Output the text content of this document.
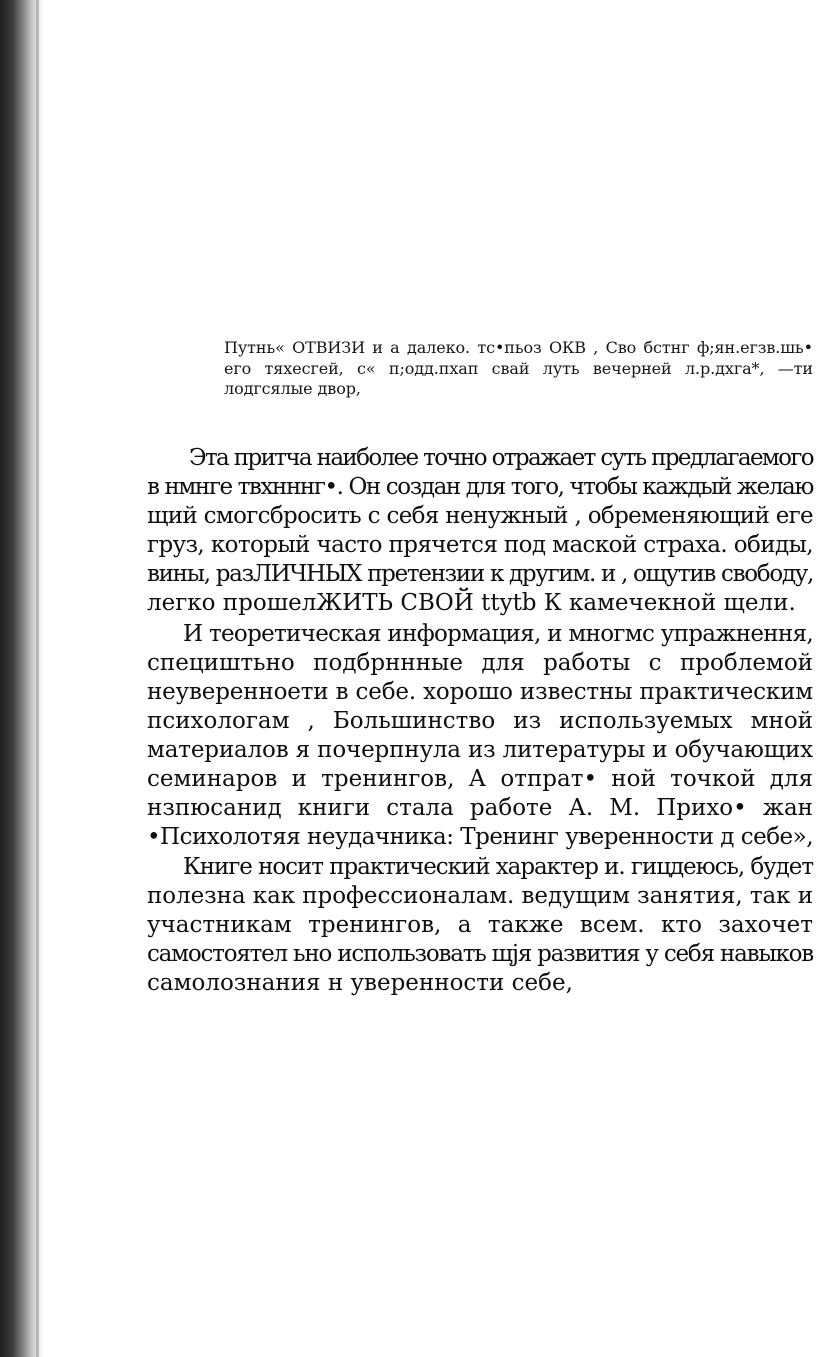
Путнь« ОТВИЗИ и а далеко. тс•пьоз ОКВ , Сво бстнг ф;ян.егзв.шь• его тяхесгей, с« п;одд.пхап свай луть вечерней л.р.дхга*, —ти лодгсялые двор,
Эта притча наиболее точно отражает суть предлагаемого
в нмнге твхнннг•. Он создан для того, чтобы каждый желаю
щий смогсбросить с себя ненужный , обременяющий еге
груз, который часто прячется под маской страха. обиды,
вины, разЛИЧНЫХ претензии к другим. и , ощутив свободу,
легко прошелЖИТЬ СВОЙ ttytb К камечекной щели.
И теоретическая информация, и многмс упражнення,
специштьно подбрннные для работы с проблемой
неуверенноети в себе. хорошо известны практическим
психологам , Большинство из используемых мной
материалов я почерпнула из литературы и обучающих
семинаров и тренингов, А отпрат• ной точкой для
нзпюсанид книги стала работе А. М. Прихо• жан
•Психолотяя неудачника: Тренинг уверенности д себе»,
Книге носит практический характер и. гицдеюсь, будет
полезна как профессионалам. ведущим занятия, так и
участникам тренингов, а также всем. кто захочет
самостоятел ьно использовать щјя развития у себя навыков
самолознания н уверенности себе,
